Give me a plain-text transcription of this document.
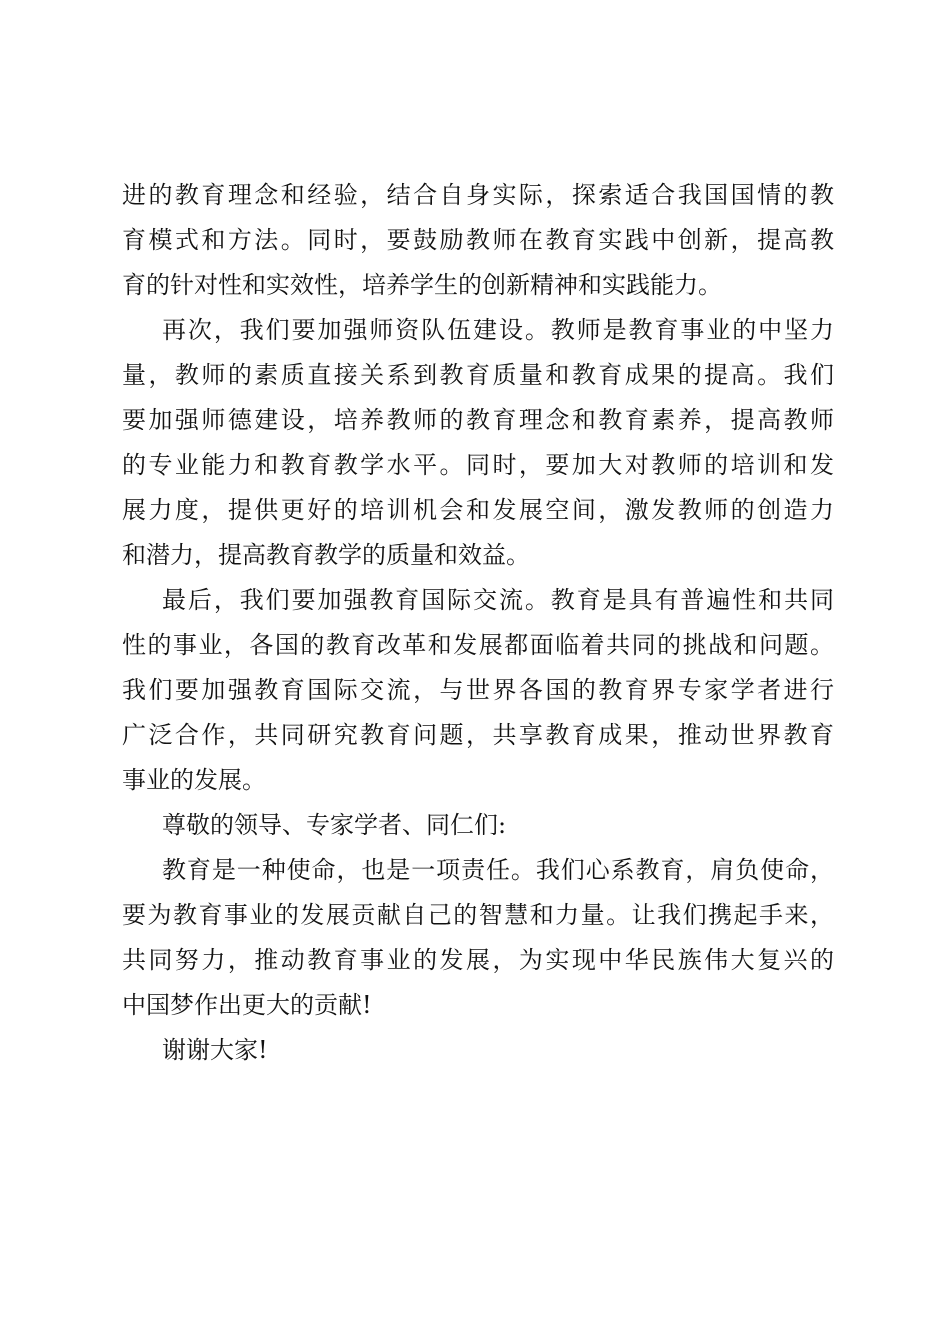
进的教育理念和经验，结合自身实际，探索适合我国国情的教
育模式和方法。同时，要鼓励教师在教育实践中创新，提高教
育的针对性和实效性，培养学生的创新精神和实践能力。
再次，我们要加强师资队伍建设。教师是教育事业的中坚力
量，教师的素质直接关系到教育质量和教育成果的提高。我们
要加强师德建设，培养教师的教育理念和教育素养，提高教师
的专业能力和教育教学水平。同时，要加大对教师的培训和发
展力度，提供更好的培训机会和发展空间，激发教师的创造力
和潜力，提高教育教学的质量和效益。
最后，我们要加强教育国际交流。教育是具有普遍性和共同
性的事业，各国的教育改革和发展都面临着共同的挑战和问题。
我们要加强教育国际交流，与世界各国的教育界专家学者进行
广泛合作，共同研究教育问题，共享教育成果，推动世界教育
事业的发展。
尊敬的领导、专家学者、同仁们:
教育是一种使命，也是一项责任。我们心系教育，肩负使命，
要为教育事业的发展贡献自己的智慧和力量。让我们携起手来，
共同努力，推动教育事业的发展，为实现中华民族伟大复兴的
中国梦作出更大的贡献!
谢谢大家!
